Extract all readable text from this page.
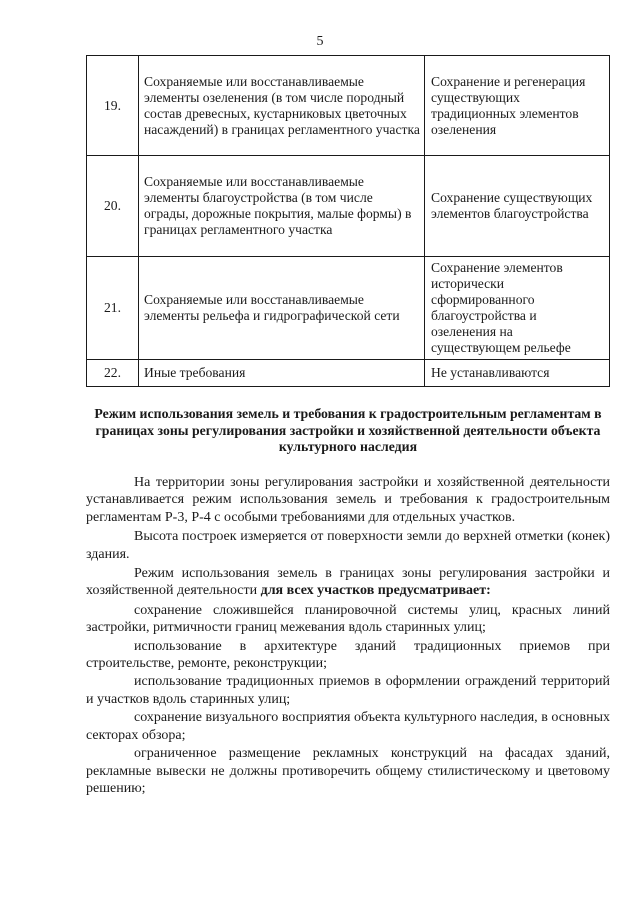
5
19.	Сохраняемые или восстанавливаемые элементы озеленения (в том числе породный состав древесных, кустарниковых цветочных насаждений) в границах регламентного участка	Сохранение и регенерация существующих традиционных элементов озеленения
20.	Сохраняемые или восстанавливаемые элементы благоустройства (в том числе ограды, дорожные покрытия, малые формы) в границах регламентного участка	Сохранение существующих элементов благоустройства
21.	Сохраняемые или восстанавливаемые элементы рельефа и гидрографической сети	Сохранение элементов исторически сформированного благоустройства и озеленения на существующем рельефе
22.	Иные требования	Не устанавливаются
Режим использования земель и требования к градостроительным регламентам в границах зоны регулирования застройки и хозяйственной деятельности объекта культурного наследия

На территории зоны регулирования застройки и хозяйственной деятельности устанавливается режим использования земель и требования к градостроительным регламентам Р-3, Р-4 с особыми требованиями для отдельных участков.

Высота построек измеряется от поверхности земли до верхней отметки (конек) здания.

Режим использования земель в границах зоны регулирования застройки и хозяйственной деятельности для всех участков предусматривает:

сохранение сложившейся планировочной системы улиц, красных линий застройки, ритмичности границ межевания вдоль старинных улиц;

использование в архитектуре зданий традиционных приемов при строительстве, ремонте, реконструкции;

использование традиционных приемов в оформлении ограждений территорий и участков вдоль старинных улиц;

сохранение визуального восприятия объекта культурного наследия, в основных секторах обзора;

ограниченное размещение рекламных конструкций на фасадах зданий, рекламные вывески не должны противоречить общему стилистическому и цветовому решению;
